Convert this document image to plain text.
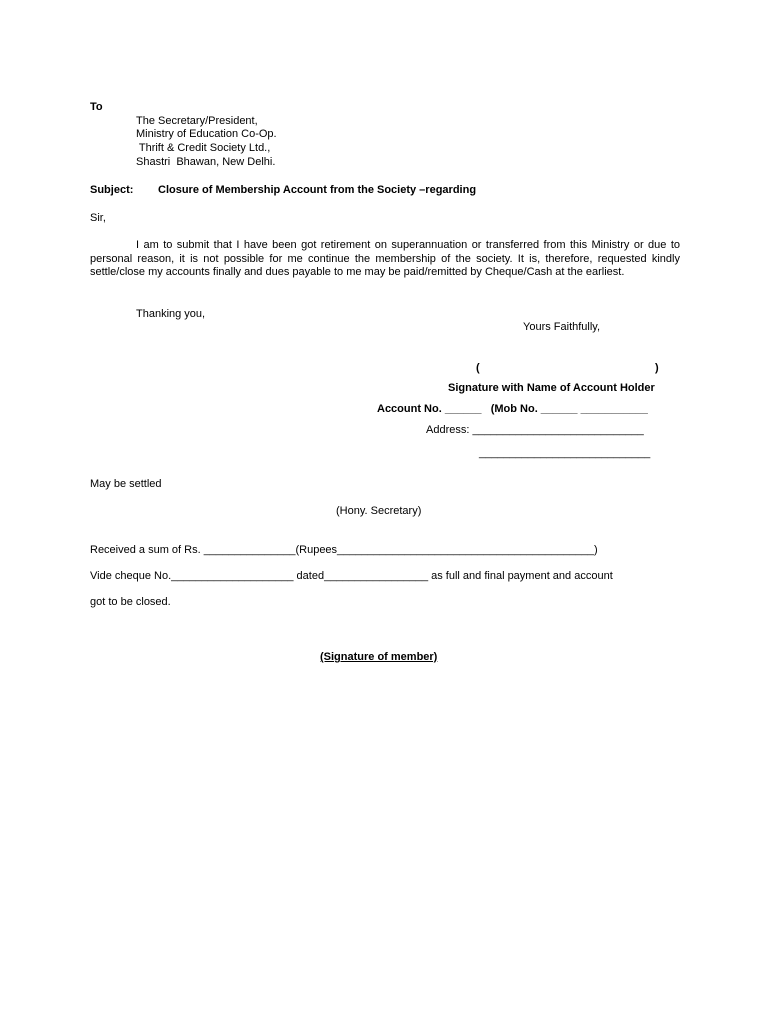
To
The Secretary/President,
Ministry of Education Co-Op.
Thrift & Credit Society Ltd.,
Shastri  Bhawan, New Delhi.
Subject: Closure of Membership Account from the Society –regarding
Sir,
I am to submit that I have been got retirement on superannuation or transferred from this Ministry or due to personal reason, it is not possible for me continue the membership of the society. It is, therefore, requested kindly settle/close my accounts finally and dues payable to me may be paid/remitted by Cheque/Cash at the earliest.
Thanking you,
Yours Faithfully,
(	)
Signature with Name of Account Holder
Account No. ______   (Mob No. ______ ___________
Address: ____________________________
____________________________
May be settled
(Hony. Secretary)
Received a sum of Rs. _______________(Rupees__________________________________________)
Vide cheque No.____________________ dated_________________ as full and final payment and account
got to be closed.
(Signature of member)
